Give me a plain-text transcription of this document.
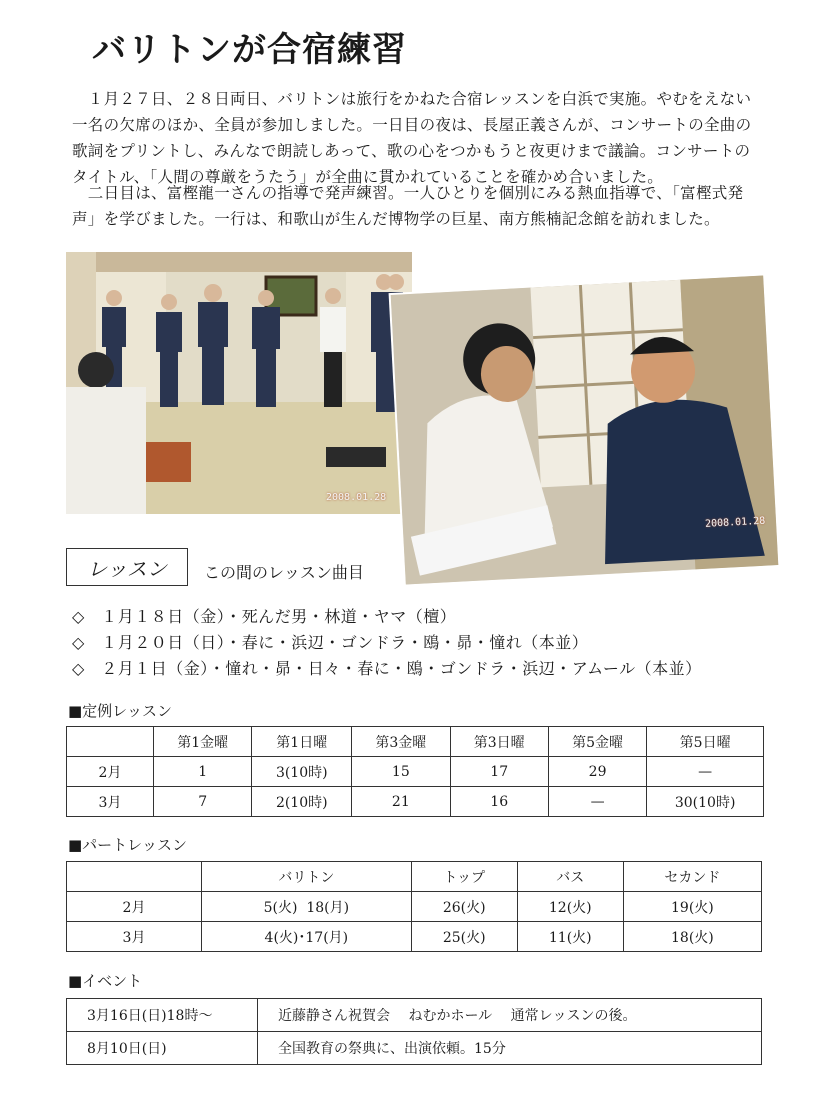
バリトンが合宿練習
　１月２７日、２８日両日、バリトンは旅行をかねた合宿レッスンを白浜で実施。やむをえない一名の欠席のほか、全員が参加しました。一日目の夜は、長屋正義さんが、コンサートの全曲の歌詞をプリントし、みんなで朗読しあって、歌の心をつかもうと夜更けまで議論。コンサートのタイトル、「人間の尊厳をうたう」が全曲に貫かれていることを確かめ合いました。
　二日目は、富樫龍一さんの指導で発声練習。一人ひとりを個別にみる熱血指導で、「富樫式発声」を学びました。一行は、和歌山が生んだ博物学の巨星、南方熊楠記念館を訪れました。
2008.01.28
2008.01.28
レッスン	この間のレッスン曲目
◇　１月１８日（金）・死んだ男・林道・ヤマ（檀）
◇　１月２０日（日）・春に・浜辺・ゴンドラ・鴎・昴・憧れ（本並）
◇　２月１日（金）・憧れ・昴・日々・春に・鴎・ゴンドラ・浜辺・アムール（本並）
■定例レッスン
	第1金曜	第1日曜	第3金曜	第3日曜	第5金曜	第5日曜
2月	1	3(10時)	15	17	29	—
3月	7	2(10時)	21	16	—	30(10時)
■パートレッスン
	バリトン	トップ	バス	セカンド
2月	5(火)  18(月)	26(火)	12(火)	19(火)
3月	4(火)･17(月)	25(火)	11(火)	18(火)
■イベント
3月16日(日)18時～	近藤静さん祝賀会　 ねむかホール　 通常レッスンの後。
8月10日(日)	全国教育の祭典に、出演依頼。15分
